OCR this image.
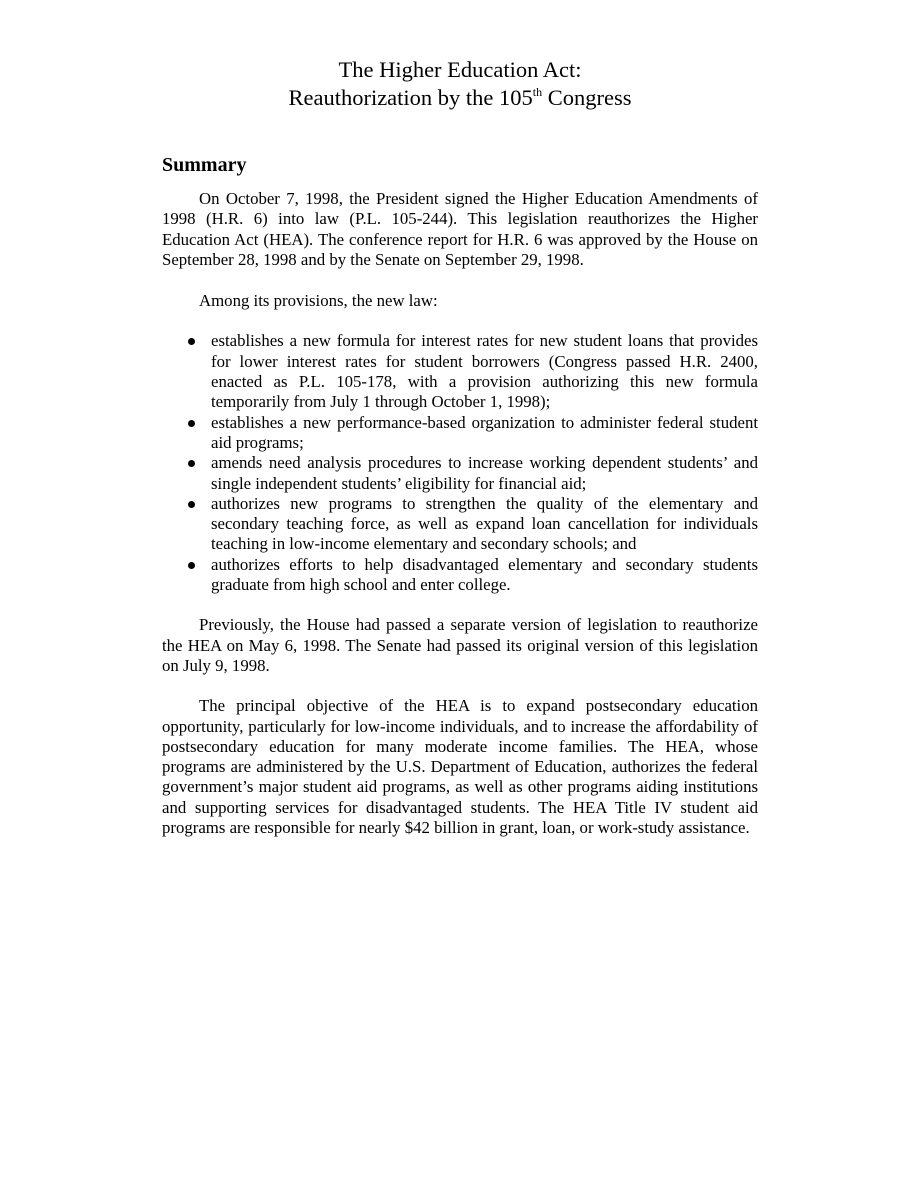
The Higher Education Act:
Reauthorization by the 105th Congress
Summary

On October 7, 1998, the President signed the Higher Education Amendments of 1998 (H.R. 6) into law (P.L. 105-244). This legislation reauthorizes the Higher Education Act (HEA). The conference report for H.R. 6 was approved by the House on September 28, 1998 and by the Senate on September 29, 1998.

Among its provisions, the new law:

establishes a new formula for interest rates for new student loans that provides for lower interest rates for student borrowers (Congress passed H.R. 2400, enacted as P.L. 105-178, with a provision authorizing this new formula temporarily from July 1 through October 1, 1998);
establishes a new performance-based organization to administer federal student aid programs;
amends need analysis procedures to increase working dependent students’ and single independent students’ eligibility for financial aid;
authorizes new programs to strengthen the quality of the elementary and secondary teaching force, as well as expand loan cancellation for individuals teaching in low-income elementary and secondary schools; and
authorizes efforts to help disadvantaged elementary and secondary students graduate from high school and enter college.

Previously, the House had passed a separate version of legislation to reauthorize the HEA on May 6, 1998. The Senate had passed its original version of this legislation on July 9, 1998.

The principal objective of the HEA is to expand postsecondary education opportunity, particularly for low-income individuals, and to increase the affordability of postsecondary education for many moderate income families. The HEA, whose programs are administered by the U.S. Department of Education, authorizes the federal government’s major student aid programs, as well as other programs aiding institutions and supporting services for disadvantaged students. The HEA Title IV student aid programs are responsible for nearly $42 billion in grant, loan, or work-study assistance.
